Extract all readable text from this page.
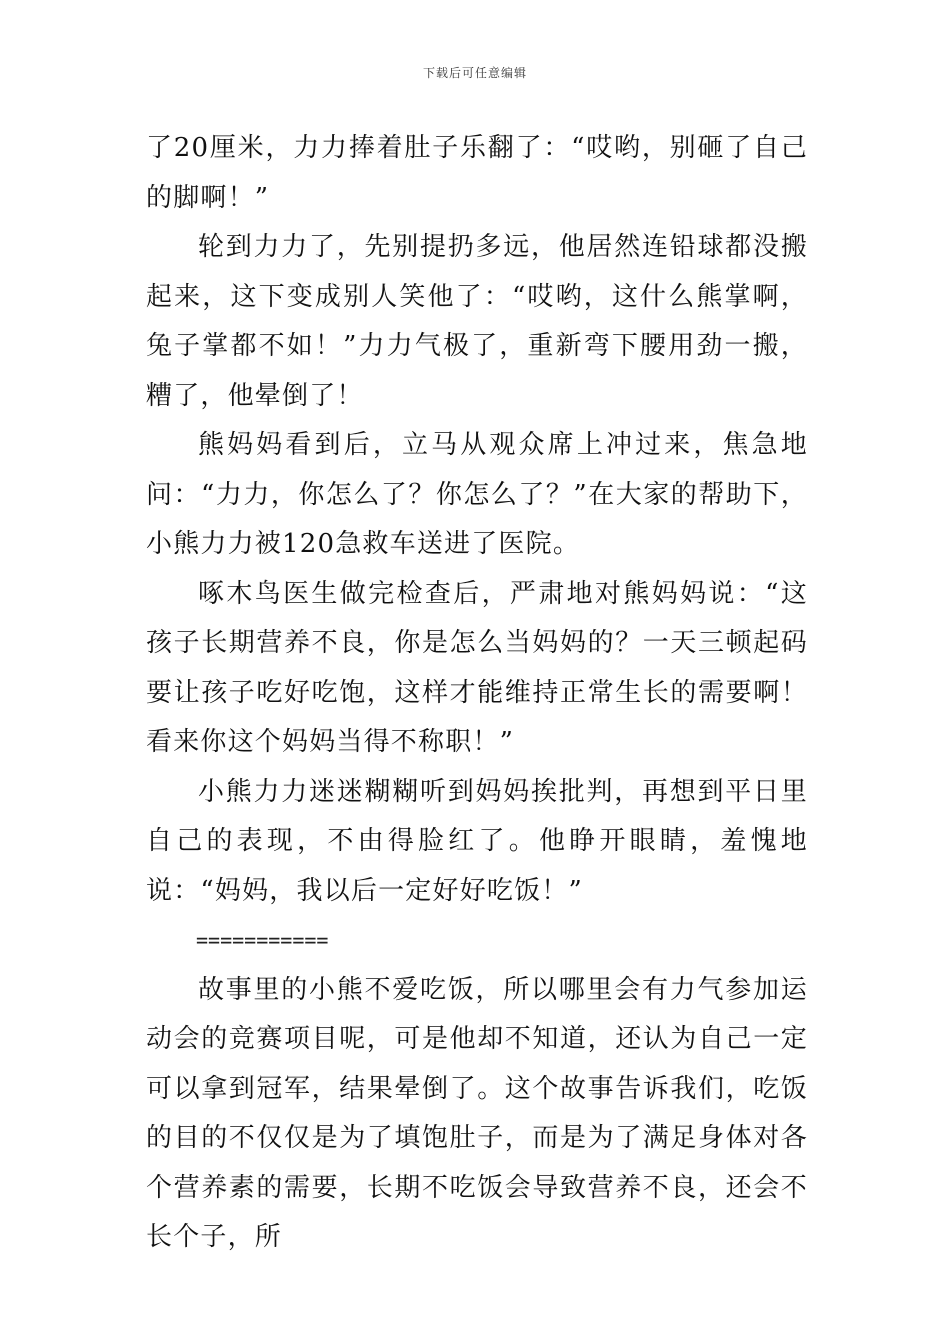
下载后可任意编辑

了20厘米，力力捧着肚子乐翻了：“哎哟，别砸了自己的脚啊！”

轮到力力了，先别提扔多远，他居然连铅球都没搬起来，这下变成别人笑他了：“哎哟，这什么熊掌啊，兔子掌都不如！”力力气极了，重新弯下腰用劲一搬，糟了，他晕倒了！

熊妈妈看到后，立马从观众席上冲过来，焦急地问：“力力，你怎么了？你怎么了？”在大家的帮助下，小熊力力被120急救车送进了医院。

啄木鸟医生做完检查后，严肃地对熊妈妈说：“这孩子长期营养不良，你是怎么当妈妈的？一天三顿起码要让孩子吃好吃饱，这样才能维持正常生长的需要啊！看来你这个妈妈当得不称职！”

小熊力力迷迷糊糊听到妈妈挨批判，再想到平日里自己的表现，不由得脸红了。他睁开眼睛，羞愧地说：“妈妈，我以后一定好好吃饭！”

===========

故事里的小熊不爱吃饭，所以哪里会有力气参加运动会的竞赛项目呢，可是他却不知道，还认为自己一定可以拿到冠军，结果晕倒了。这个故事告诉我们，吃饭的目的不仅仅是为了填饱肚子，而是为了满足身体对各个营养素的需要，长期不吃饭会导致营养不良，还会不长个子，所
